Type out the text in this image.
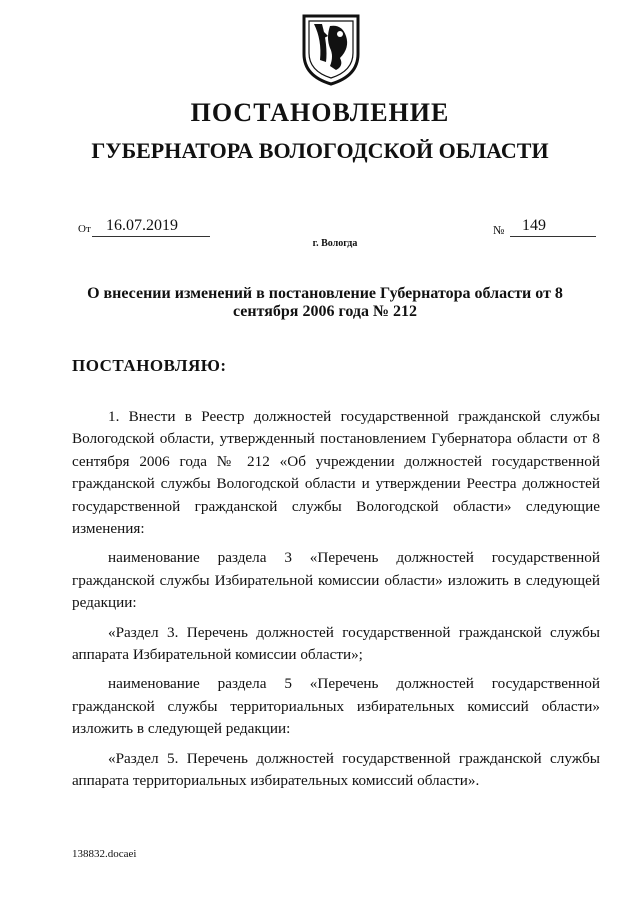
ПОСТАНОВЛЕНИЕ
ГУБЕРНАТОРА ВОЛОГОДСКОЙ ОБЛАСТИ
От 16.07.2019	№	149
г. Вологда
О внесении изменений в постановление Губернатора области от 8 сентября 2006 года № 212
ПОСТАНОВЛЯЮ:

1. Внести в Реестр должностей государственной гражданской службы Вологодской области, утвержденный постановлением Губернатора области от 8 сентября 2006 года № 212 «Об учреждении должностей государственной гражданской службы Вологодской области и утверждении Реестра должностей государственной гражданской службы Вологодской области» следующие изменения:

наименование раздела 3 «Перечень должностей государственной гражданской службы Избирательной комиссии области» изложить в следующей редакции:

«Раздел 3. Перечень должностей государственной гражданской службы аппарата Избирательной комиссии области»;

наименование раздела 5 «Перечень должностей государственной гражданской службы территориальных избирательных комиссий области» изложить в следующей редакции:

«Раздел 5. Перечень должностей государственной гражданской службы аппарата территориальных избирательных комиссий области».

138832.docaei
